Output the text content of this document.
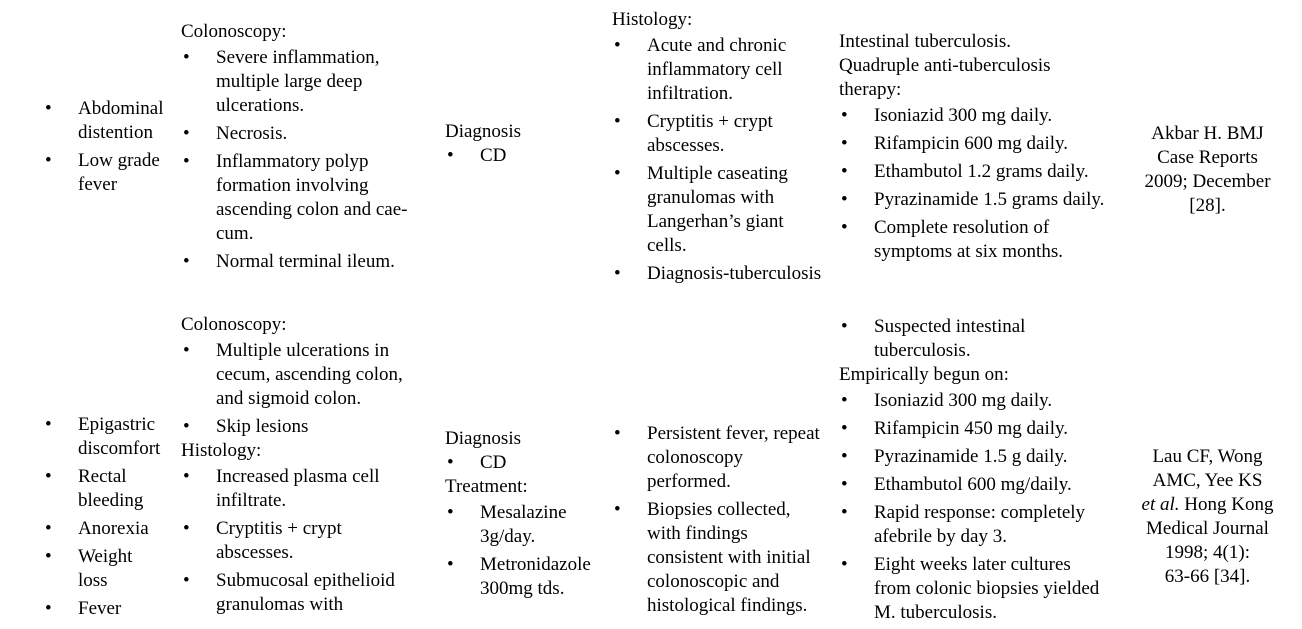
• Abdominal
distention
• Low grade
fever
Colonoscopy:
• Severe inflammation,
multiple large deep
ulcerations.
• Necrosis.
• Inflammatory polyp
formation involving
ascending colon and cae-
cum.
• Normal terminal ileum.
Diagnosis
• CD
Histology:
• Acute and chronic
inflammatory cell
infiltration.
• Cryptitis + crypt
abscesses.
• Multiple caseating
granulomas with
Langerhan’s giant
cells.
• Diagnosis-tuberculosis
Intestinal tuberculosis.
Quadruple anti-tuberculosis
therapy:
• Isoniazid 300 mg daily.
• Rifampicin 600 mg daily.
• Ethambutol 1.2 grams daily.
• Pyrazinamide 1.5 grams daily.
• Complete resolution of
symptoms at six months.
Akbar H. BMJ
Case Reports
2009; December
[28].
• Epigastric
discomfort
• Rectal
bleeding
• Anorexia
• Weight
loss
• Fever
Colonoscopy:
• Multiple ulcerations in
cecum, ascending colon,
and sigmoid colon.
• Skip lesions
Histology:
• Increased plasma cell
infiltrate.
• Cryptitis + crypt
abscesses.
• Submucosal epithelioid
granulomas with
Diagnosis
• CD
Treatment:
• Mesalazine
3g/day.
• Metronidazole
300mg tds.
• Persistent fever, repeat
colonoscopy
performed.
• Biopsies collected,
with findings
consistent with initial
colonoscopic and
histological findings.
• Suspected intestinal
tuberculosis.
Empirically begun on:
• Isoniazid 300 mg daily.
• Rifampicin 450 mg daily.
• Pyrazinamide 1.5 g daily.
• Ethambutol 600 mg/daily.
• Rapid response: completely
afebrile by day 3.
• Eight weeks later cultures
from colonic biopsies yielded
M. tuberculosis.
Lau CF, Wong
AMC, Yee KS
et al. Hong Kong
Medical Journal
1998; 4(1):
63-66 [34].
